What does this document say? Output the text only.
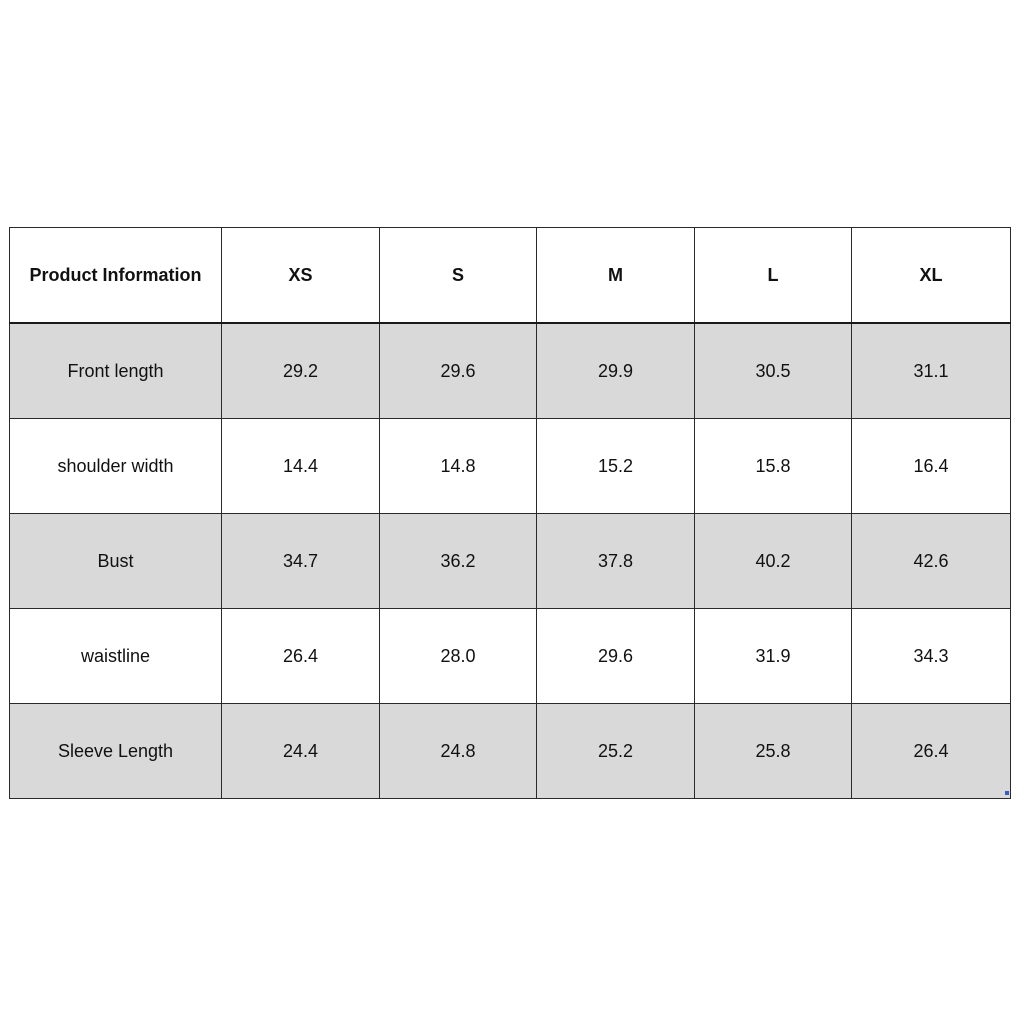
Product Information	XS	S	M	L	XL
Front length	29.2	29.6	29.9	30.5	31.1
shoulder width	14.4	14.8	15.2	15.8	16.4
Bust	34.7	36.2	37.8	40.2	42.6
waistline	26.4	28.0	29.6	31.9	34.3
Sleeve Length	24.4	24.8	25.2	25.8	26.4
